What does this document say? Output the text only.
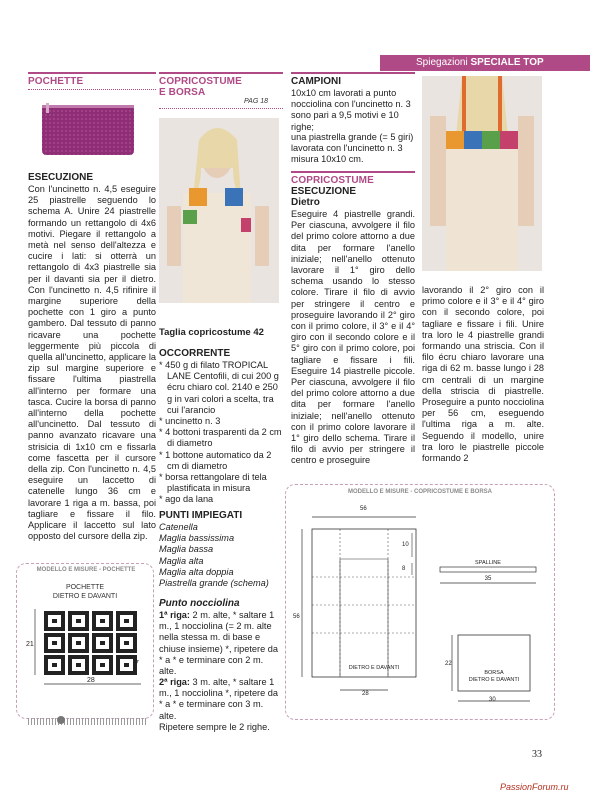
Spiegazioni SPECIALE TOP
POCHETTE
ESECUZIONE
Con l'uncinetto n. 4,5 eseguire 25 piastrelle seguendo lo schema A. Unire 24 piastrelle formando un rettangolo di 4x6 motivi. Piegare il rettangolo a metà nel senso dell'altezza e cucire i lati: si otterrà un rettangolo di 4x3 piastrelle sia per il davanti sia per il dietro. Con l'uncinetto n. 4,5 rifinire il margine superiore della pochette con 1 giro a punto gambero. Dal tessuto di panno ricavare una pochette leggermente più piccola di quella all'uncinetto, applicare la zip sul margine superiore e fissare l'ultima piastrella all'interno per formare una tasca. Cucire la borsa di panno all'interno della pochette all'uncinetto. Dal tessuto di panno avanzato ricavare una strisicia di 1x10 cm e fissarla come fascetta per il cursore della zip. Con l'uncinetto n. 4,5 eseguire un laccetto di catenelle lungo 36 cm e lavorare 1 riga a m. bassa, poi tagliare e fissare il filo. Applicare il laccetto sul lato opposto del cursore della zip.
MODELLO E MISURE - POCHETTE
POCHETTE
DIETRO E DAVANTI
21
28
7
COPRICOSTUME
E BORSA
PAG 18
Taglia copricostume 42
OCCORRENTE
* 450 g di filato TROPICAL LANE Centofili, di cui 200 g écru chiaro col. 2140 e 250 g in vari colori a scelta, tra cui l'arancio
* uncinetto n. 3
* 4 bottoni trasparenti da 2 cm di diametro
* 1 bottone automatico da 2 cm di diametro
* borsa rettangolare di tela plastificata in misura
* ago da lana
PUNTI IMPIEGATI
Catenella
Maglia bassissima
Maglia bassa
Maglia alta
Maglia alta doppia
Piastrella grande (schema)
Punto nocciolina
1ª riga: 2 m. alte, * saltare 1 m., 1 nocciolina (= 2 m. alte nella stessa m. di base e chiuse insieme) *, ripetere da * a * e terminare con 2 m. alte.
2ª riga: 3 m. alte, * saltare 1 m., 1 nocciolina *, ripetere da * a * e terminare con 3 m. alte.
Ripetere sempre le 2 righe.
CAMPIONI
10x10 cm lavorati a punto nocciolina con l'uncinetto n. 3 sono pari a 9,5 motivi e 10 righe;
una piastrella grande (= 5 giri) lavorata con l'uncinetto n. 3 misura 10x10 cm.
COPRICOSTUME
ESECUZIONE
Dietro
Eseguire 4 piastrelle grandi. Per ciascuna, avvolgere il filo del primo colore attorno a due dita per formare l'anello iniziale; nell'anello ottenuto lavorare il 1° giro dello schema usando lo stesso colore. Tirare il filo di avvio per stringere il centro e proseguire lavorando il 2° giro con il primo colore, il 3° e il 4° giro con il secondo colore e il 5° giro con il primo colore, poi tagliare e fissare i fili. Eseguire 14 piastrelle piccole. Per ciascuna, avvolgere il filo del primo colore attorno a due dita per formare l'anello iniziale; nell'anello ottenuto con il primo colore lavorare il 1° giro dello schema. Tirare il filo di avvio per stringere il centro e proseguire
lavorando il 2° giro con il primo colore e il 3° e il 4° giro con il secondo colore, poi tagliare e fissare i fili. Unire tra loro le 4 piastrelle grandi formando una striscia. Con il filo écru chiaro lavorare una riga di 62 m. basse lungo i 28 cm centrali di un margine della striscia di piastrelle. Proseguire a punto nocciolina per 56 cm, eseguendo l'ultima riga a m. alte. Seguendo il modello, unire tra loro le piastrelle piccole formando 2
MODELLO E MISURE - COPRICOSTUME E BORSA
56
56
10
8
28
DIETRO E DAVANTI
SPALLINE
35
BORSA
DIETRO E DAVANTI
22
30
33
PassionForum.ru
